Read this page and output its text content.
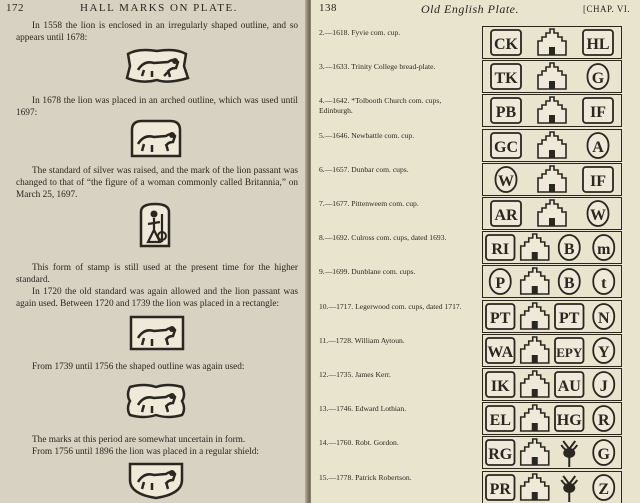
172	HALL MARKS ON PLATE.

In 1558 the lion is enclosed in an irregularly shaped outline, and so appears until 1678:

In 1678 the lion was placed in an arched outline, which was used until 1697:

The standard of silver was raised, and the mark of the lion passant was changed to that of “the figure of a woman commonly called Britannia,” on March 25, 1697.

This form of stamp is still used at the present time for the higher standard.

In 1720 the old standard was again allowed and the lion passant was again used. Between 1720 and 1739 the lion was placed in a rectangle:

From 1739 until 1756 the shaped outline was again used:

The marks at this period are somewhat uncertain in form.

From 1756 until 1896 the lion was placed in a regular shield:

138	Old English Plate.	[CHAP. VI.
2.—1618. Fyvie com. cup.
CK	HL
3.—1633. Trinity College bread-plate.
TK	G
4.—1642. *Tolbooth Church com. cups, Edinburgh.	PB	IF
5.—1646. Newbattle com. cup.
GC	A
6.—1657. Dunbar com. cups.
W	IF
7.—1677. Pittenweem com. cup.
AR	W
8.—1692. Culross com. cups, dated 1693.
RI	B m
9.—1699. Dunblane com. cups.
P	B t
10.—1717. Legerwood com. cups, dated 1717.
PT	PT N
11.—1728. William Aytoun.
WA	EPY Y
12.—1735. James Kerr.
IK	AU J
13.—1746. Edward Lothian.
EL	HG R
14.—1760. Robt. Gordon.
RG	G
15.—1778. Patrick Robertson.
PR	Z
